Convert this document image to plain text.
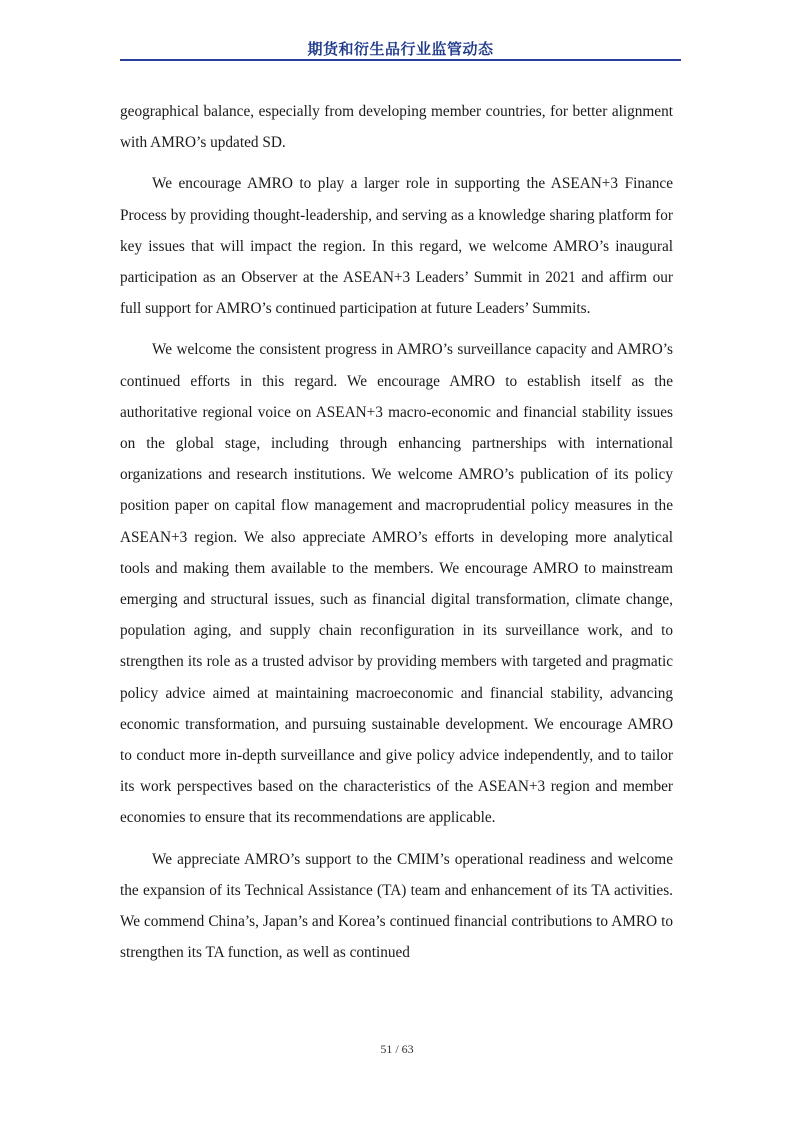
期货和衍生品行业监管动态

geographical balance, especially from developing member countries, for better alignment with AMRO’s updated SD.

We encourage AMRO to play a larger role in supporting the ASEAN+3 Finance Process by providing thought-leadership, and serving as a knowledge sharing platform for key issues that will impact the region. In this regard, we welcome AMRO’s inaugural participation as an Observer at the ASEAN+3 Leaders’ Summit in 2021 and affirm our full support for AMRO’s continued participation at future Leaders’ Summits.

We welcome the consistent progress in AMRO’s surveillance capacity and AMRO’s continued efforts in this regard. We encourage AMRO to establish itself as the authoritative regional voice on ASEAN+3 macro-economic and financial stability issues on the global stage, including through enhancing partnerships with international organizations and research institutions. We welcome AMRO’s publication of its policy position paper on capital flow management and macroprudential policy measures in the ASEAN+3 region. We also appreciate AMRO’s efforts in developing more analytical tools and making them available to the members. We encourage AMRO to mainstream emerging and structural issues, such as financial digital transformation, climate change, population aging, and supply chain reconfiguration in its surveillance work, and to strengthen its role as a trusted advisor by providing members with targeted and pragmatic policy advice aimed at maintaining macroeconomic and financial stability, advancing economic transformation, and pursuing sustainable development. We encourage AMRO to conduct more in-depth surveillance and give policy advice independently, and to tailor its work perspectives based on the characteristics of the ASEAN+3 region and member economies to ensure that its recommendations are applicable.

We appreciate AMRO’s support to the CMIM’s operational readiness and welcome the expansion of its Technical Assistance (TA) team and enhancement of its TA activities. We commend China’s, Japan’s and Korea’s continued financial contributions to AMRO to strengthen its TA function, as well as continued

51 / 63
